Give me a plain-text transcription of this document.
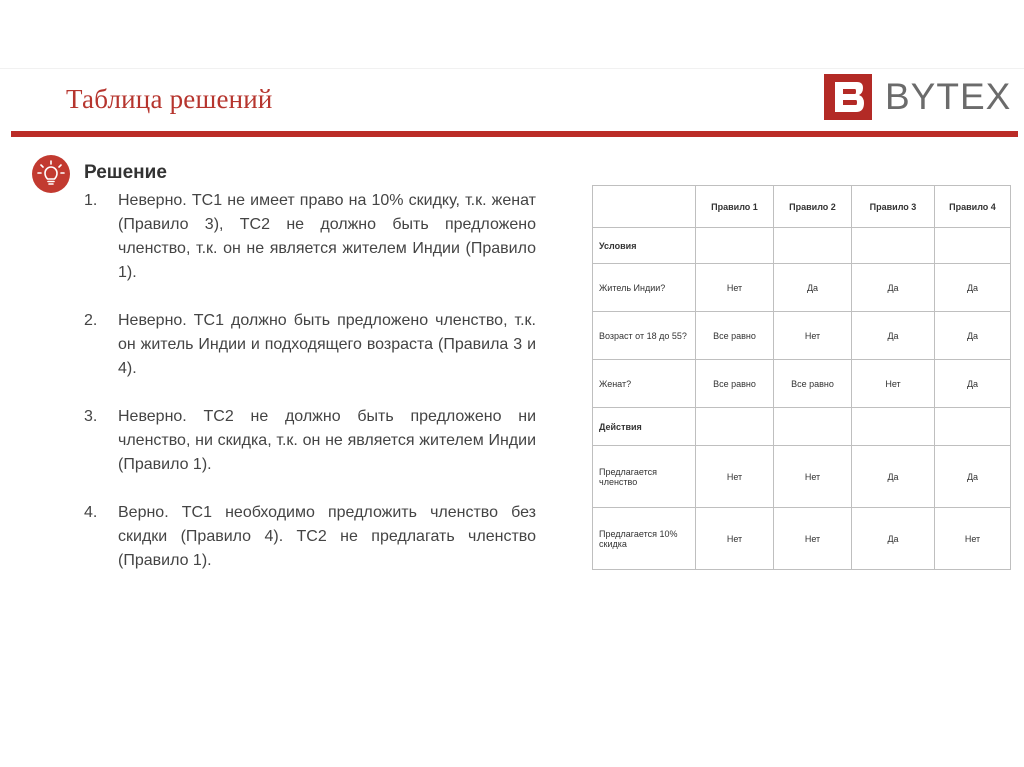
Таблица решений	BYTEX
Решение
1.	Неверно. ТС1 не имеет право на 10% скидку, т.к. женат (Правило 3), ТС2 не должно быть предложено членство, т.к. он не является жителем Индии (Правило 1).
2.	Неверно. ТС1 должно быть предложено членство, т.к. он житель Индии и подходящего возраста (Правила 3 и 4).
3.	Неверно. ТС2 не должно быть предложено ни членство, ни скидка, т.к. он не является жителем Индии (Правило 1).
4.	Верно. ТС1 необходимо предложить членство без скидки (Правило 4). ТС2 не предлагать членство (Правило 1).
	Правило 1	Правило 2	Правило 3	Правило 4
Условия				
Житель Индии?	Нет	Да	Да	Да
Возраст от 18 до 55?	Все равно	Нет	Да	Да
Женат?	Все равно	Все равно	Нет	Да
Действия				
Предлагается членство	Нет	Нет	Да	Да
Предлагается 10% скидка	Нет	Нет	Да	Нет
